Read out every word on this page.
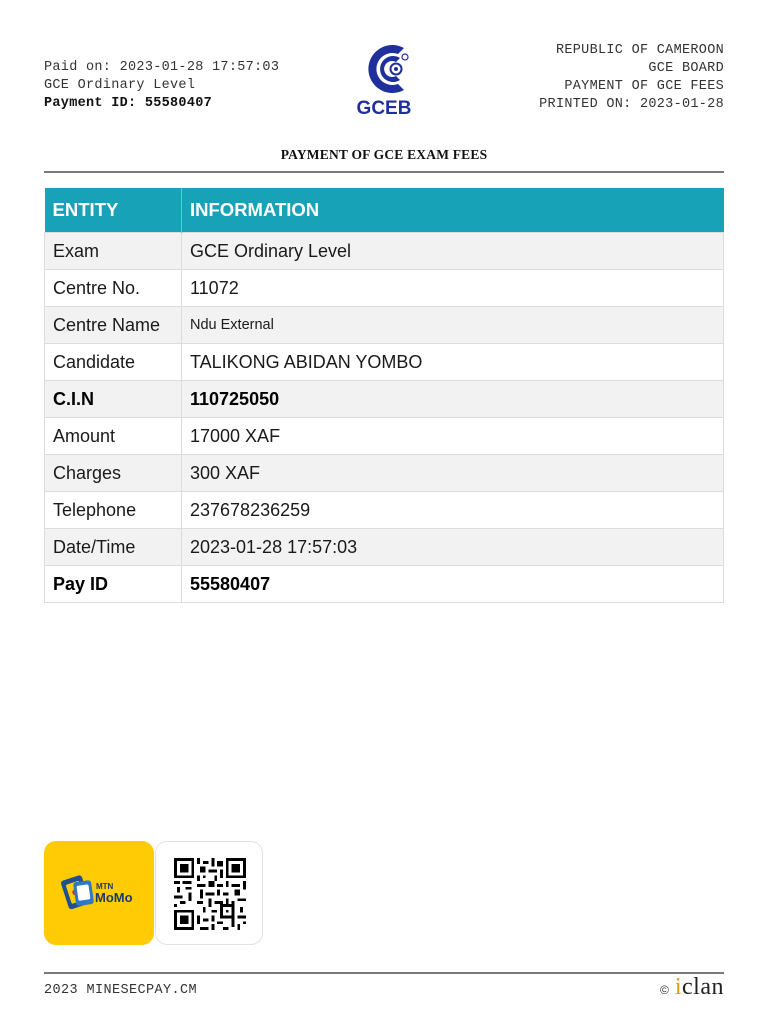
Paid on: 2023-01-28 17:57:03
GCE Ordinary Level
Payment ID: 55580407	GCEB
REPUBLIC OF CAMEROON
GCE BOARD
PAYMENT OF GCE FEES
PRINTED ON: 2023-01-28
PAYMENT OF GCE EXAM FEES
ENTITY	INFORMATION
Exam	GCE Ordinary Level
Centre No.	11072
Centre Name	Ndu External
Candidate	TALIKONG ABIDAN YOMBO
C.I.N	110725050
Amount	17000 XAF
Charges	300 XAF
Telephone	237678236259
Date/Time	2023-01-28 17:57:03
Pay ID	55580407
MTN
MoMo
2023 MINESECPAY.CM	© iclan
